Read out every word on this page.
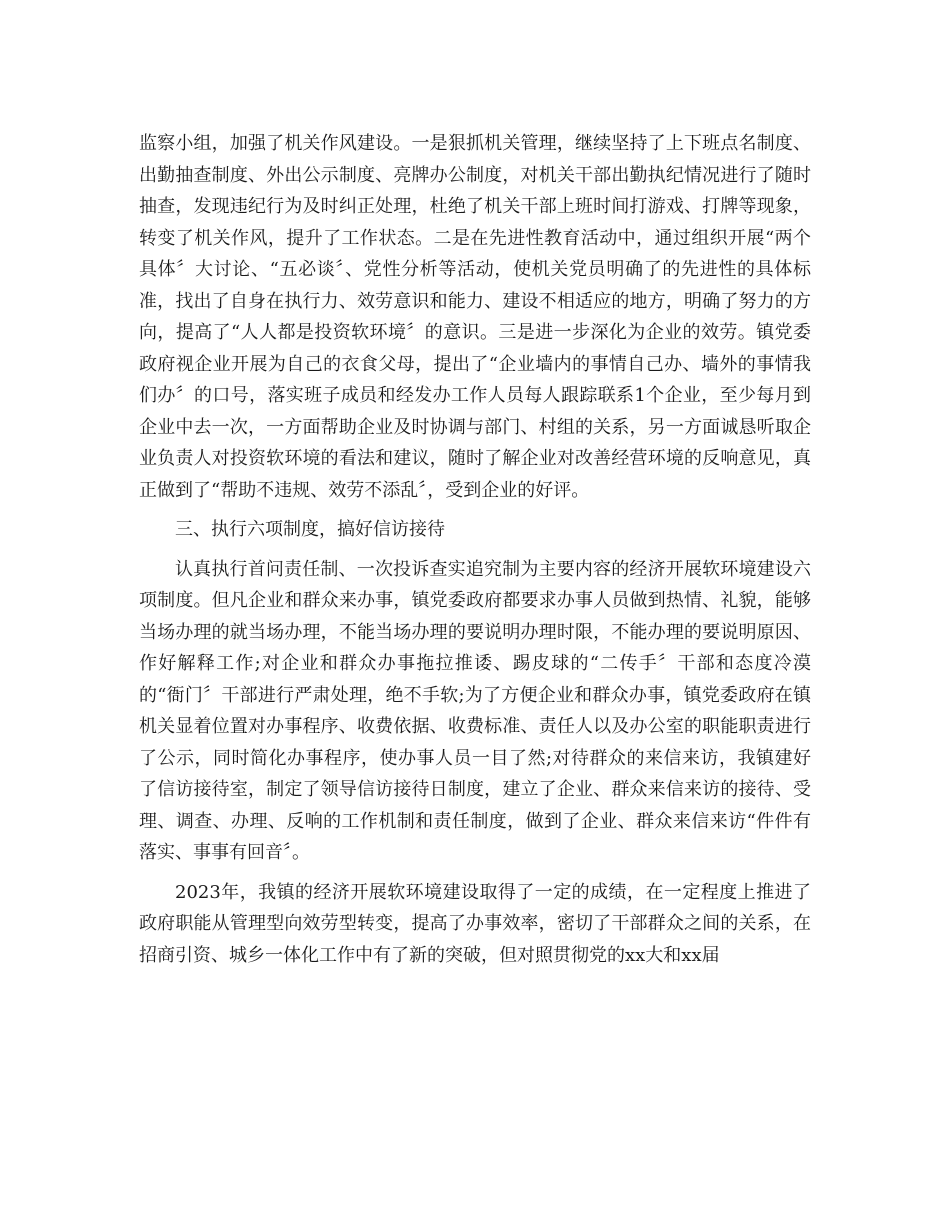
监察小组，加强了机关作风建设。一是狠抓机关管理，继续坚持了上下班点名制度、出勤抽查制度、外出公示制度、亮牌办公制度，对机关干部出勤执纪情况进行了随时抽查，发现违纪行为及时纠正处理，杜绝了机关干部上班时间打游戏、打牌等现象，转变了机关作风，提升了工作状态。二是在先进性教育活动中，通过组织开展“两个具体〞大讨论、“五必谈〞、党性分析等活动，使机关党员明确了的先进性的具体标准，找出了自身在执行力、效劳意识和能力、建设不相适应的地方，明确了努力的方向，提高了“人人都是投资软环境〞的意识。三是进一步深化为企业的效劳。镇党委政府视企业开展为自己的衣食父母，提出了“企业墙内的事情自己办、墙外的事情我们办〞的口号，落实班子成员和经发办工作人员每人跟踪联系1个企业，至少每月到企业中去一次，一方面帮助企业及时协调与部门、村组的关系，另一方面诚恳听取企业负责人对投资软环境的看法和建议，随时了解企业对改善经营环境的反响意见，真正做到了“帮助不违规、效劳不添乱〞，受到企业的好评。

三、执行六项制度，搞好信访接待

认真执行首问责任制、一次投诉查实追究制为主要内容的经济开展软环境建设六项制度。但凡企业和群众来办事，镇党委政府都要求办事人员做到热情、礼貌，能够当场办理的就当场办理，不能当场办理的要说明办理时限，不能办理的要说明原因、作好解释工作;对企业和群众办事拖拉推诿、踢皮球的“二传手〞干部和态度冷漠的“衙门〞干部进行严肃处理，绝不手软;为了方便企业和群众办事，镇党委政府在镇机关显着位置对办事程序、收费依据、收费标准、责任人以及办公室的职能职责进行了公示，同时简化办事程序，使办事人员一目了然;对待群众的来信来访，我镇建好了信访接待室，制定了领导信访接待日制度，建立了企业、群众来信来访的接待、受理、调查、办理、反响的工作机制和责任制度，做到了企业、群众来信来访“件件有落实、事事有回音〞。

2023年，我镇的经济开展软环境建设取得了一定的成绩，在一定程度上推进了政府职能从管理型向效劳型转变，提高了办事效率，密切了干部群众之间的关系，在招商引资、城乡一体化工作中有了新的突破，但对照贯彻党的xx大和xx届
